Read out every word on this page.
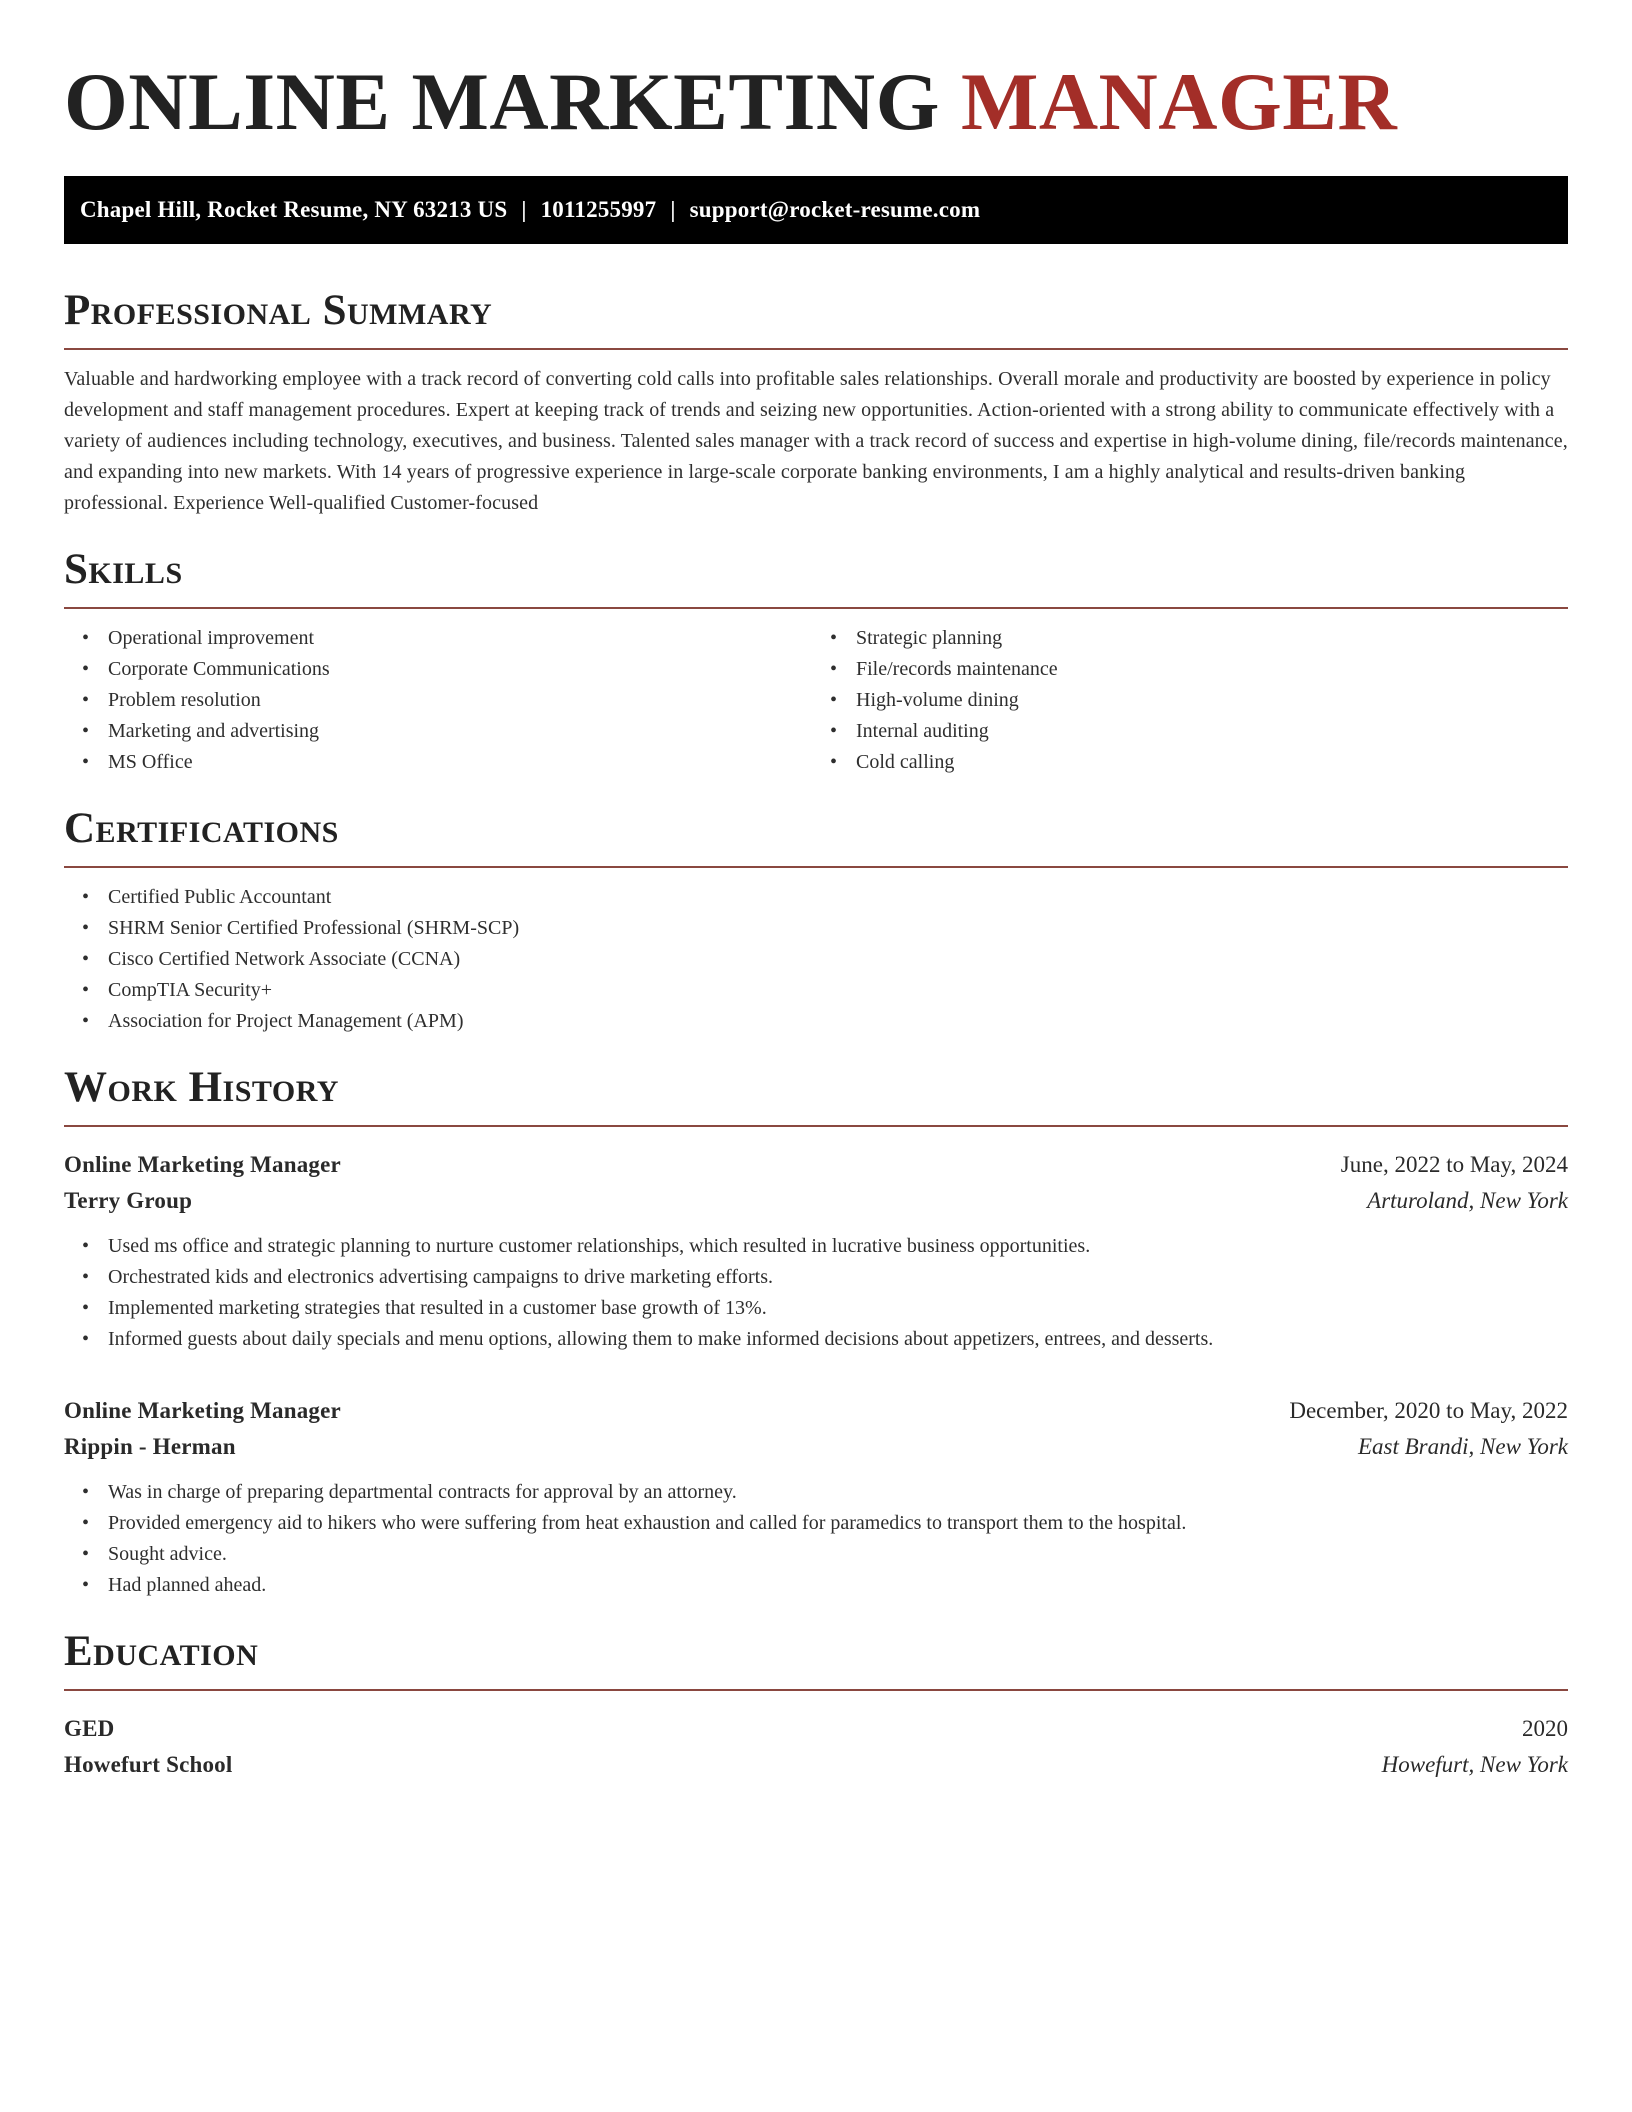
ONLINE MARKETING MANAGER
Chapel Hill, Rocket Resume, NY 63213 US | 1011255997 | support@rocket-resume.com
Professional Summary

Valuable and hardworking employee with a track record of converting cold calls into profitable sales relationships. Overall morale and productivity are boosted by experience in policy development and staff management procedures. Expert at keeping track of trends and seizing new opportunities. Action-oriented with a strong ability to communicate effectively with a variety of audiences including technology, executives, and business. Talented sales manager with a track record of success and expertise in high-volume dining, file/records maintenance, and expanding into new markets. With 14 years of progressive experience in large-scale corporate banking environments, I am a highly analytical and results-driven banking professional. Experience Well-qualified Customer-focused

Skills
• Operational improvement
• Corporate Communications
• Problem resolution
• Marketing and advertising
• MS Office
• Strategic planning
• File/records maintenance
• High-volume dining
• Internal auditing
• Cold calling
Certifications
• Certified Public Accountant
• SHRM Senior Certified Professional (SHRM-SCP)
• Cisco Certified Network Associate (CCNA)
• CompTIA Security+
• Association for Project Management (APM)
Work History
Online Marketing Manager	June, 2022 to May, 2024
Terry Group	Arturoland, New York
• Used ms office and strategic planning to nurture customer relationships, which resulted in lucrative business opportunities.
• Orchestrated kids and electronics advertising campaigns to drive marketing efforts.
• Implemented marketing strategies that resulted in a customer base growth of 13%.
• Informed guests about daily specials and menu options, allowing them to make informed decisions about appetizers, entrees, and desserts.
Online Marketing Manager	December, 2020 to May, 2022
Rippin - Herman	East Brandi, New York
• Was in charge of preparing departmental contracts for approval by an attorney.
• Provided emergency aid to hikers who were suffering from heat exhaustion and called for paramedics to transport them to the hospital.
• Sought advice.
• Had planned ahead.
Education
GED	2020
Howefurt School	Howefurt, New York
